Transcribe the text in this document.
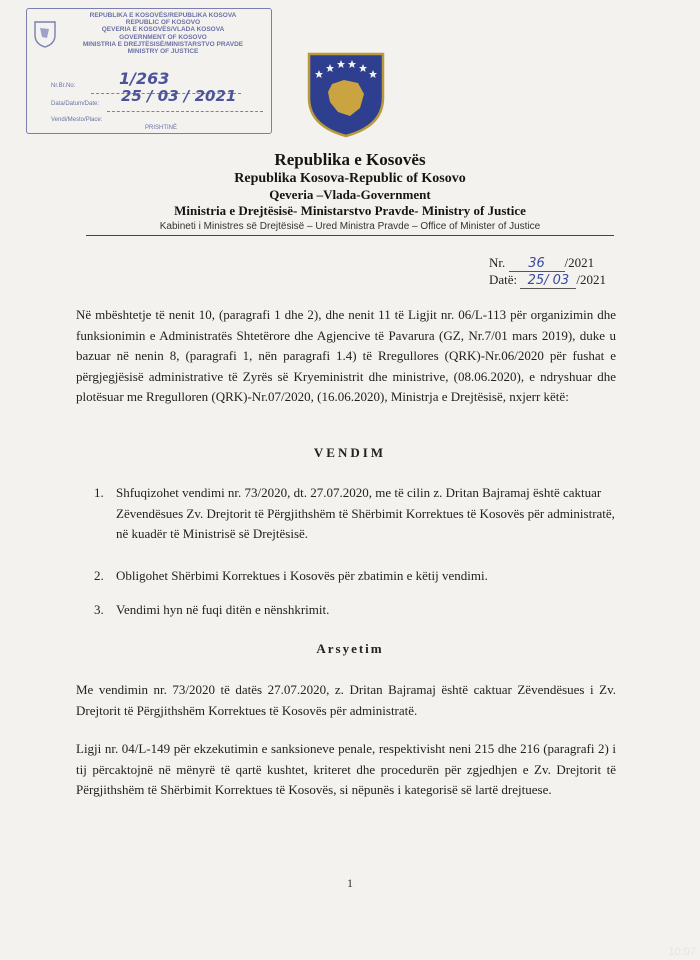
REPUBLIKA E KOSOVËS/REPUBLIKA KOSOVA
REPUBLIC OF KOSOVO
QEVERIA E KOSOVËS/VLADA KOSOVA
GOVERNMENT OF KOSOVO
MINISTRIA E DREJTËSISË/MINISTARSTVO PRAVDE
MINISTRY OF JUSTICE
Nr.Br.No:	1/263
Data/Datum/Date: 25 / 03 / 2021
Vendi/Mesto/Place:
PRISHTINË
Republika e Kosovës
Republika Kosova-Republic of Kosovo
Qeveria –Vlada-Government
Ministria e Drejtësisë- Ministarstvo Pravde- Ministry of Justice
Kabineti i Ministres së Drejtësisë – Ured Ministra Pravde – Office of Minister of Justice
Nr. 36 /2021
Datë: 25/ 03 /2021
Në mbështetje të nenit 10, (paragrafi 1 dhe 2), dhe nenit 11 të Ligjit nr. 06/L-113 për organizimin dhe funksionimin e Administratës Shtetërore dhe Agjencive të Pavarura (GZ, Nr.7/01 mars 2019), duke u bazuar në nenin 8, (paragrafi 1, nën paragrafi 1.4) të Rregullores (QRK)-Nr.06/2020 për fushat e përgjegjësisë administrative të Zyrës së Kryeministrit dhe ministrive, (08.06.2020), e ndryshuar dhe plotësuar me Rregulloren (QRK)-Nr.07/2020, (16.06.2020), Ministrja e Drejtësisë, nxjerr këtë:
VENDIM
1. Shfuqizohet vendimi nr. 73/2020, dt. 27.07.2020, me të cilin z. Dritan Bajramaj është caktuar Zëvendësues Zv. Drejtorit të Përgjithshëm të Shërbimit Korrektues të Kosovës për administratë, në kuadër të Ministrisë së Drejtësisë.
2. Obligohet Shërbimi Korrektues i Kosovës për zbatimin e këtij vendimi.
3. Vendimi hyn në fuqi ditën e nënshkrimit.
Arsyetim
Me vendimin nr. 73/2020 të datës 27.07.2020, z. Dritan Bajramaj është caktuar Zëvendësues i Zv. Drejtorit të Përgjithshëm Korrektues të Kosovës për administratë.
Ligji nr. 04/L-149 për ekzekutimin e sanksioneve penale, respektivisht neni 215 dhe 216 (paragrafi 2) i tij përcaktojnë në mënyrë të qartë kushtet, kriteret dhe procedurën për zgjedhjen e Zv. Drejtorit të Përgjithshëm të Shërbimit Korrektues të Kosovës, si nëpunës i kategorisë së lartë drejtuese.
1
10:07
